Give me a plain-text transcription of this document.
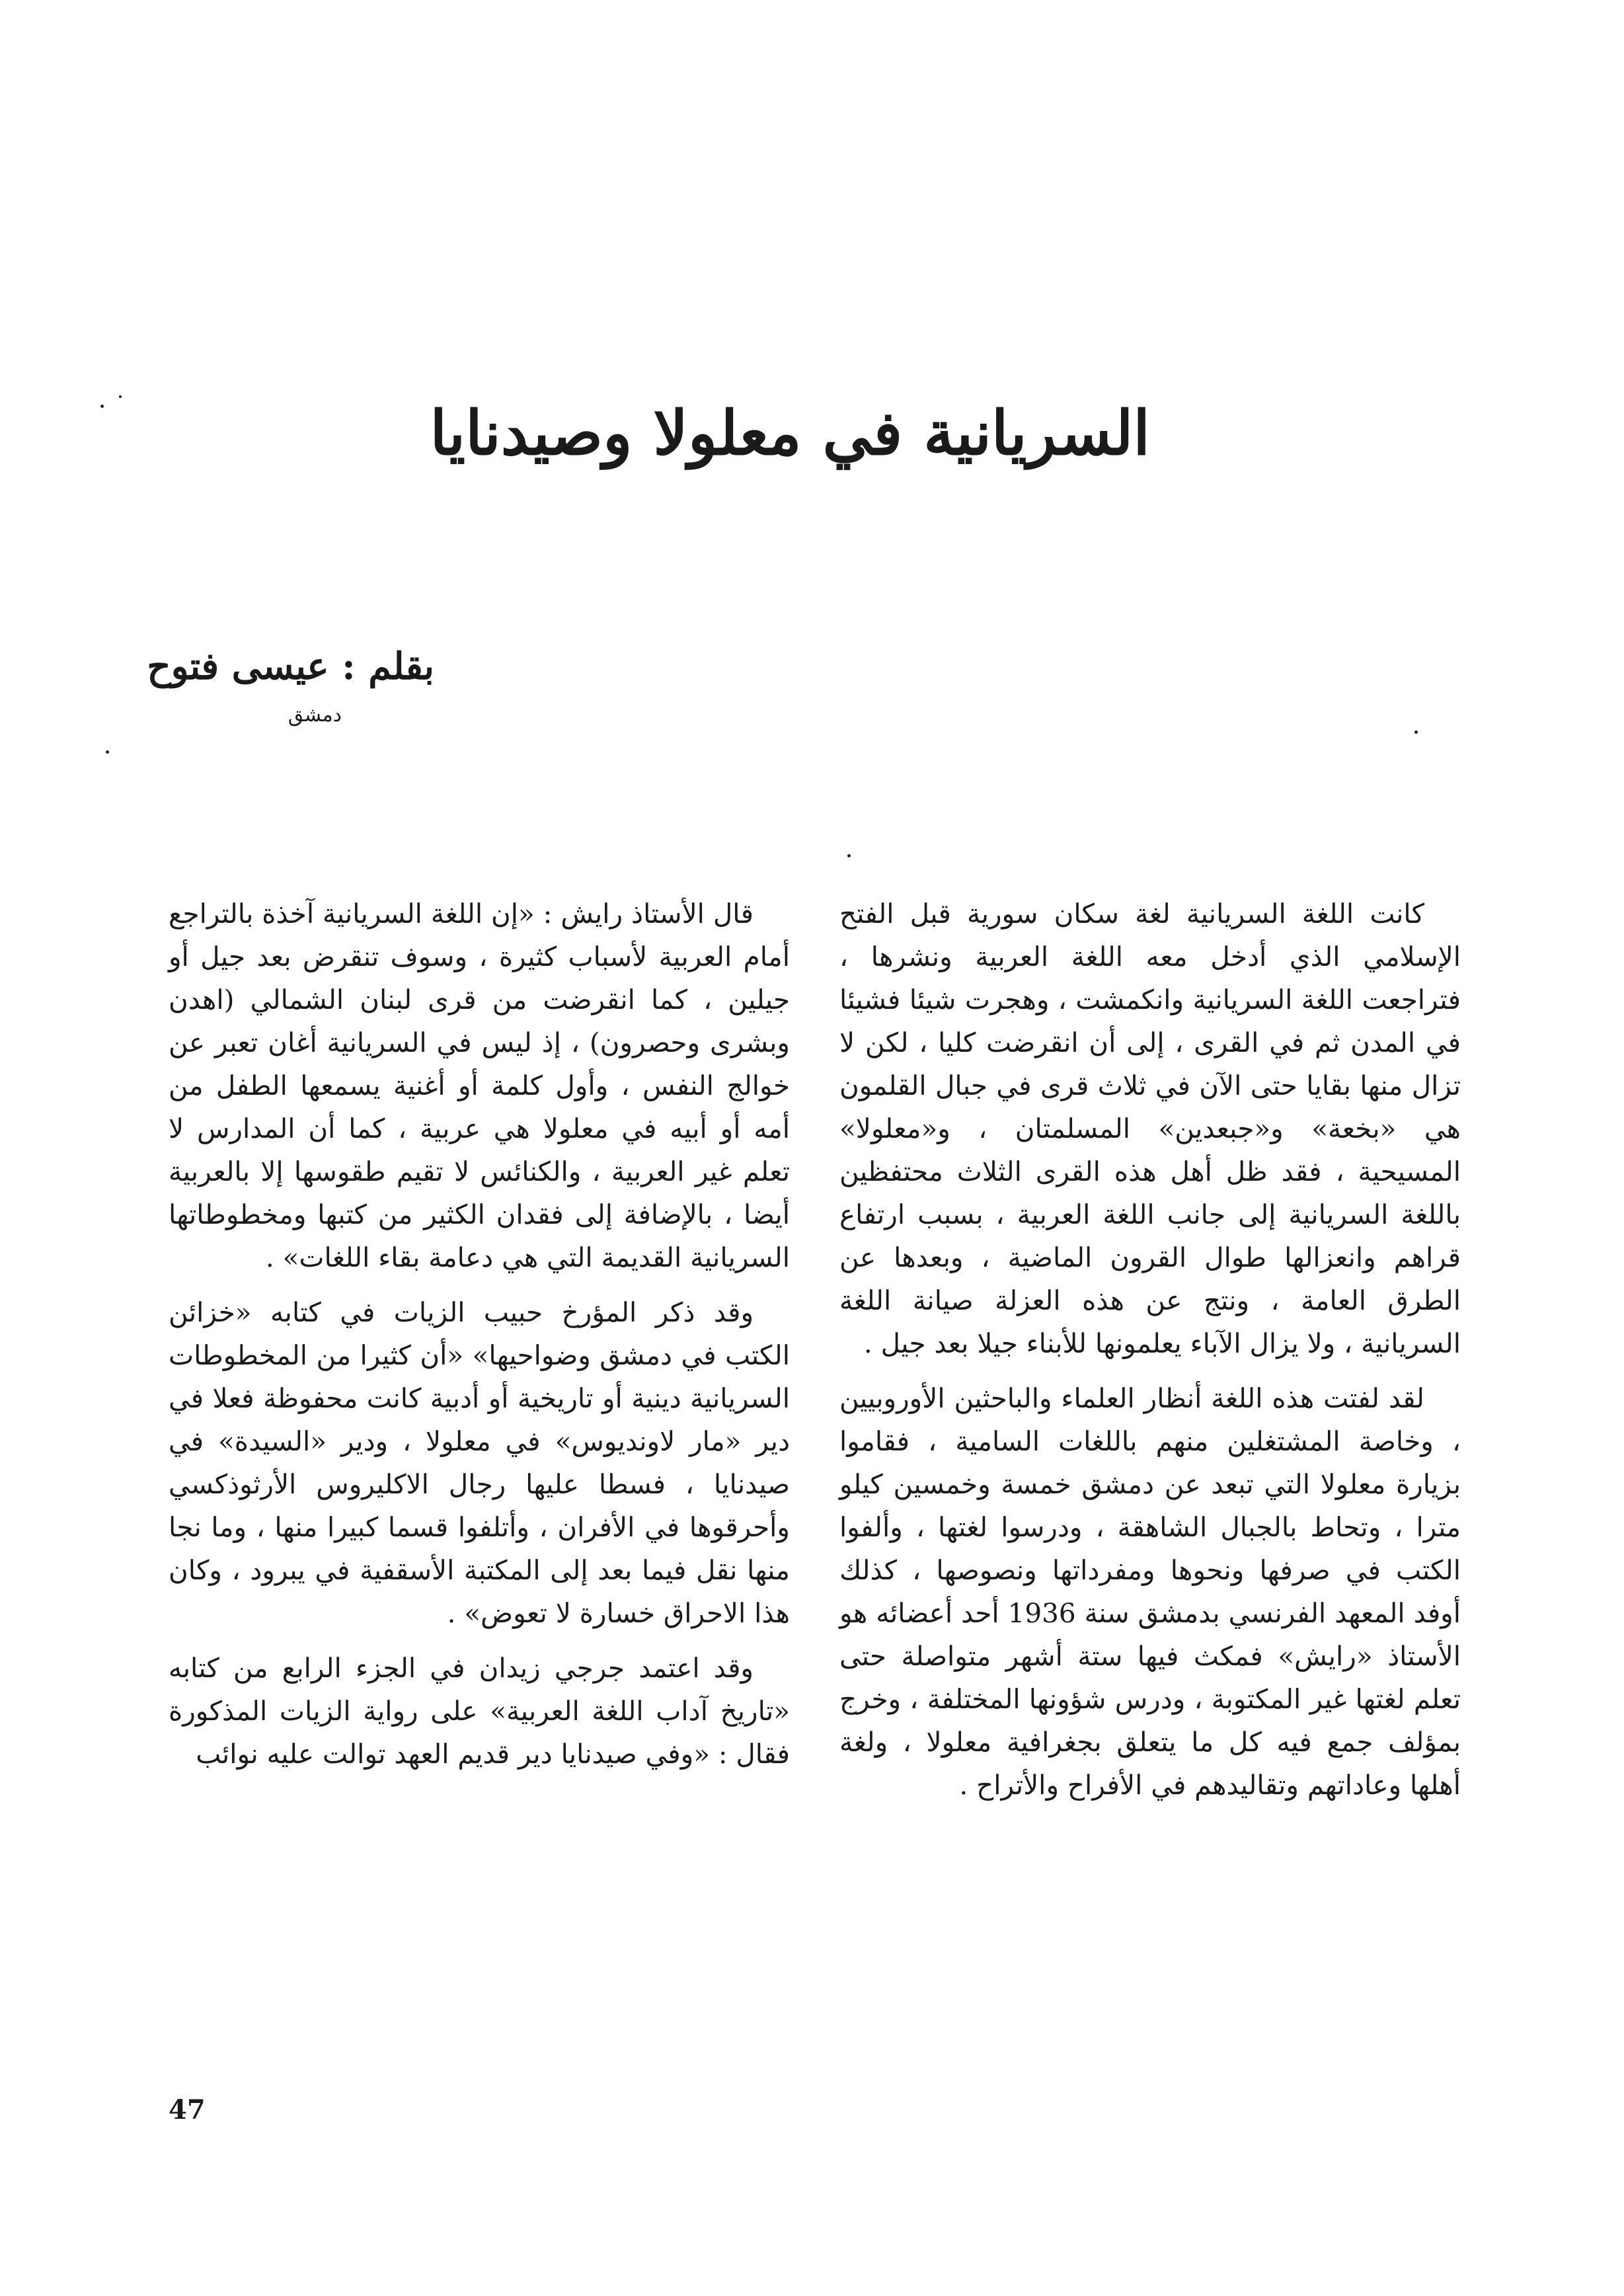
السريانية في معلولا وصيدنايا
بقلم : عيسى فتوح
دمشق

كانت اللغة السريانية لغة سكان سورية قبل الفتح الإسلامي الذي أدخل معه اللغة العربية ونشرها ، فتراجعت اللغة السريانية وانكمشت ، وهجرت شيئا فشيئا في المدن ثم في القرى ، إلى أن انقرضت كليا ، لكن لا تزال منها بقايا حتى الآن في ثلاث قرى في جبال القلمون هي «بخعة» و«جبعدين» المسلمتان ، و«معلولا» المسيحية ، فقد ظل أهل هذه القرى الثلاث محتفظين باللغة السريانية إلى جانب اللغة العربية ، بسبب ارتفاع قراهم وانعزالها طوال القرون الماضية ، وبعدها عن الطرق العامة ، ونتج عن هذه العزلة صيانة اللغة السريانية ، ولا يزال الآباء يعلمونها للأبناء جيلا بعد جيل .

لقد لفتت هذه اللغة أنظار العلماء والباحثين الأوروبيين ، وخاصة المشتغلين منهم باللغات السامية ، فقاموا بزيارة معلولا التي تبعد عن دمشق خمسة وخمسين كيلو مترا ، وتحاط بالجبال الشاهقة ، ودرسوا لغتها ، وألفوا الكتب في صرفها ونحوها ومفرداتها ونصوصها ، كذلك أوفد المعهد الفرنسي بدمشق سنة 1936 أحد أعضائه هو الأستاذ «رايش» فمكث فيها ستة أشهر متواصلة حتى تعلم لغتها غير المكتوبة ، ودرس شؤونها المختلفة ، وخرج بمؤلف جمع فيه كل ما يتعلق بجغرافية معلولا ، ولغة أهلها وعاداتهم وتقاليدهم في الأفراح والأتراح .

قال الأستاذ رايش : «إن اللغة السريانية آخذة بالتراجع أمام العربية لأسباب كثيرة ، وسوف تنقرض بعد جيل أو جيلين ، كما انقرضت من قرى لبنان الشمالي (اهدن وبشرى وحصرون) ، إذ ليس في السريانية أغان تعبر عن خوالج النفس ، وأول كلمة أو أغنية يسمعها الطفل من أمه أو أبيه في معلولا هي عربية ، كما أن المدارس لا تعلم غير العربية ، والكنائس لا تقيم طقوسها إلا بالعربية أيضا ، بالإضافة إلى فقدان الكثير من كتبها ومخطوطاتها السريانية القديمة التي هي دعامة بقاء اللغات» .

وقد ذكر المؤرخ حبيب الزيات في كتابه «خزائن الكتب في دمشق وضواحيها» «أن كثيرا من المخطوطات السريانية دينية أو تاريخية أو أدبية كانت محفوظة فعلا في دير «مار لاونديوس» في معلولا ، ودير «السيدة» في صيدنايا ، فسطا عليها رجال الاكليروس الأرثوذكسي وأحرقوها في الأفران ، وأتلفوا قسما كبيرا منها ، وما نجا منها نقل فيما بعد إلى المكتبة الأسقفية في يبرود ، وكان هذا الاحراق خسارة لا تعوض» .

وقد اعتمد جرجي زيدان في الجزء الرابع من كتابه «تاريخ آداب اللغة العربية» على رواية الزيات المذكورة فقال : «وفي صيدنايا دير قديم العهد توالت عليه نوائب

47
